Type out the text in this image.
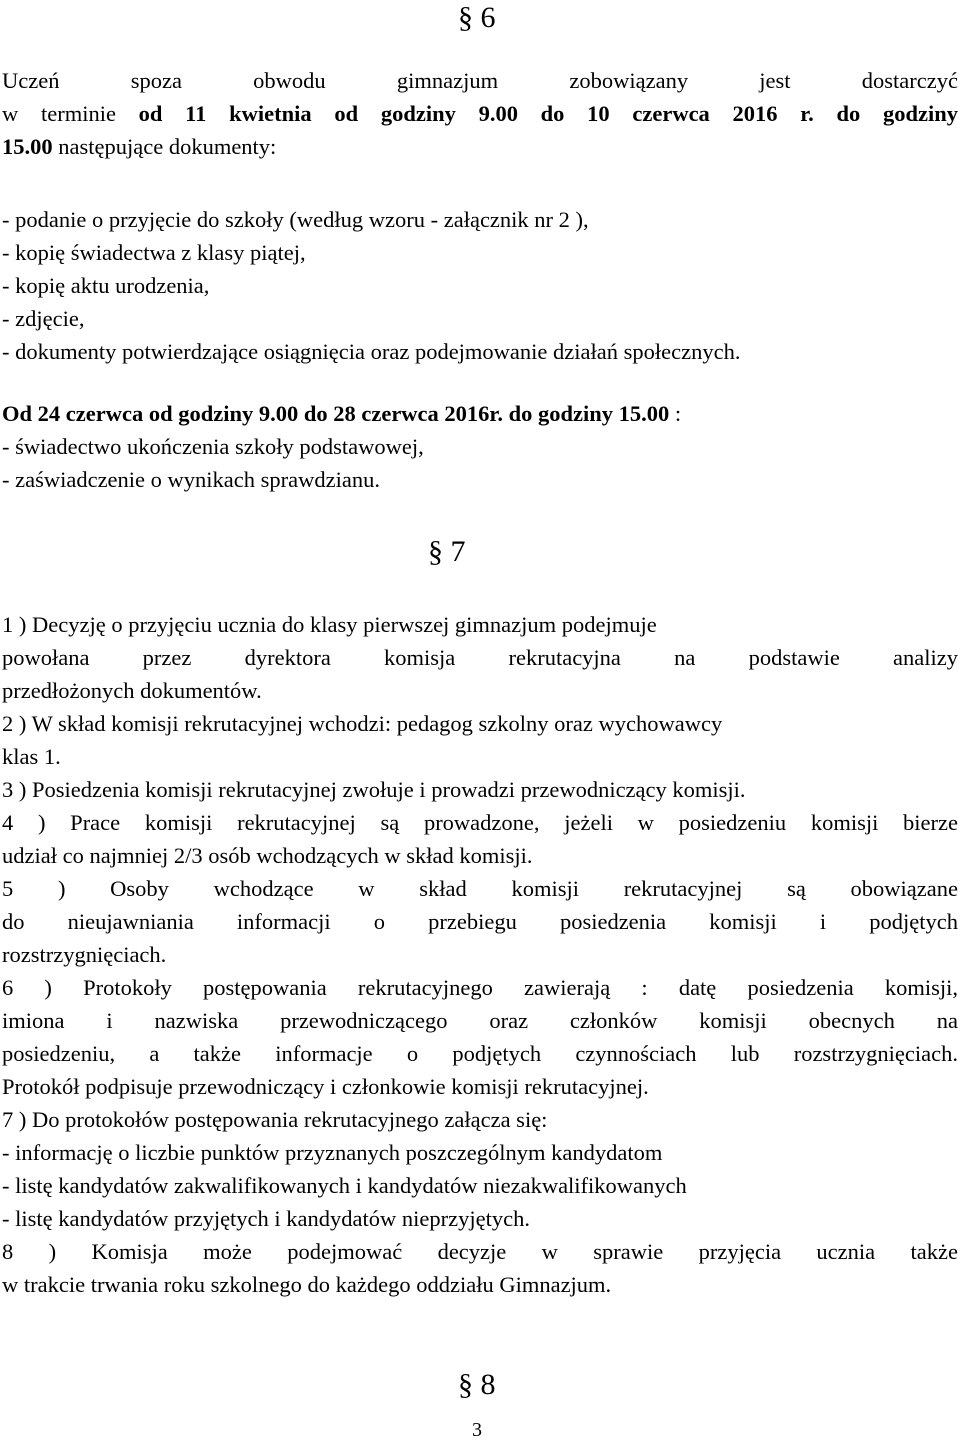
§ 6
Uczeń spoza obwodu gimnazjum zobowiązany jest dostarczyć
w terminie od 11 kwietnia od godziny 9.00 do 10 czerwca 2016 r. do godziny
15.00 następujące dokumenty:
- podanie o przyjęcie do szkoły (według wzoru - załącznik nr 2 ),
- kopię świadectwa z klasy piątej,
- kopię aktu urodzenia,
- zdjęcie,
- dokumenty potwierdzające osiągnięcia oraz podejmowanie działań społecznych.
Od 24 czerwca od godziny 9.00 do 28 czerwca 2016r. do godziny 15.00 :
- świadectwo ukończenia szkoły podstawowej,
- zaświadczenie o wynikach sprawdzianu.
§ 7
1 ) Decyzję o przyjęciu ucznia do klasy pierwszej gimnazjum podejmuje
powołana przez dyrektora komisja rekrutacyjna na podstawie analizy
przedłożonych dokumentów.
2 ) W skład komisji rekrutacyjnej wchodzi: pedagog szkolny oraz wychowawcy
klas 1.
3 ) Posiedzenia komisji rekrutacyjnej zwołuje i prowadzi przewodniczący komisji.
4 ) Prace komisji rekrutacyjnej są prowadzone, jeżeli w posiedzeniu komisji bierze
udział co najmniej 2/3 osób wchodzących w skład komisji.
5 ) Osoby wchodzące w skład komisji rekrutacyjnej są obowiązane
do nieujawniania informacji o przebiegu posiedzenia komisji i podjętych
rozstrzygnięciach.
6 ) Protokoły postępowania rekrutacyjnego zawierają : datę posiedzenia komisji,
imiona i nazwiska przewodniczącego oraz członków komisji obecnych na
posiedzeniu, a także informacje o podjętych czynnościach lub rozstrzygnięciach.
Protokół podpisuje przewodniczący i członkowie komisji rekrutacyjnej.
7 ) Do protokołów postępowania rekrutacyjnego załącza się:
- informację o liczbie punktów przyznanych poszczególnym kandydatom
- listę kandydatów zakwalifikowanych i kandydatów niezakwalifikowanych
- listę kandydatów przyjętych i kandydatów nieprzyjętych.
8 ) Komisja może podejmować decyzje w sprawie przyjęcia ucznia także
w trakcie trwania roku szkolnego do każdego oddziału Gimnazjum.
§ 8
3
